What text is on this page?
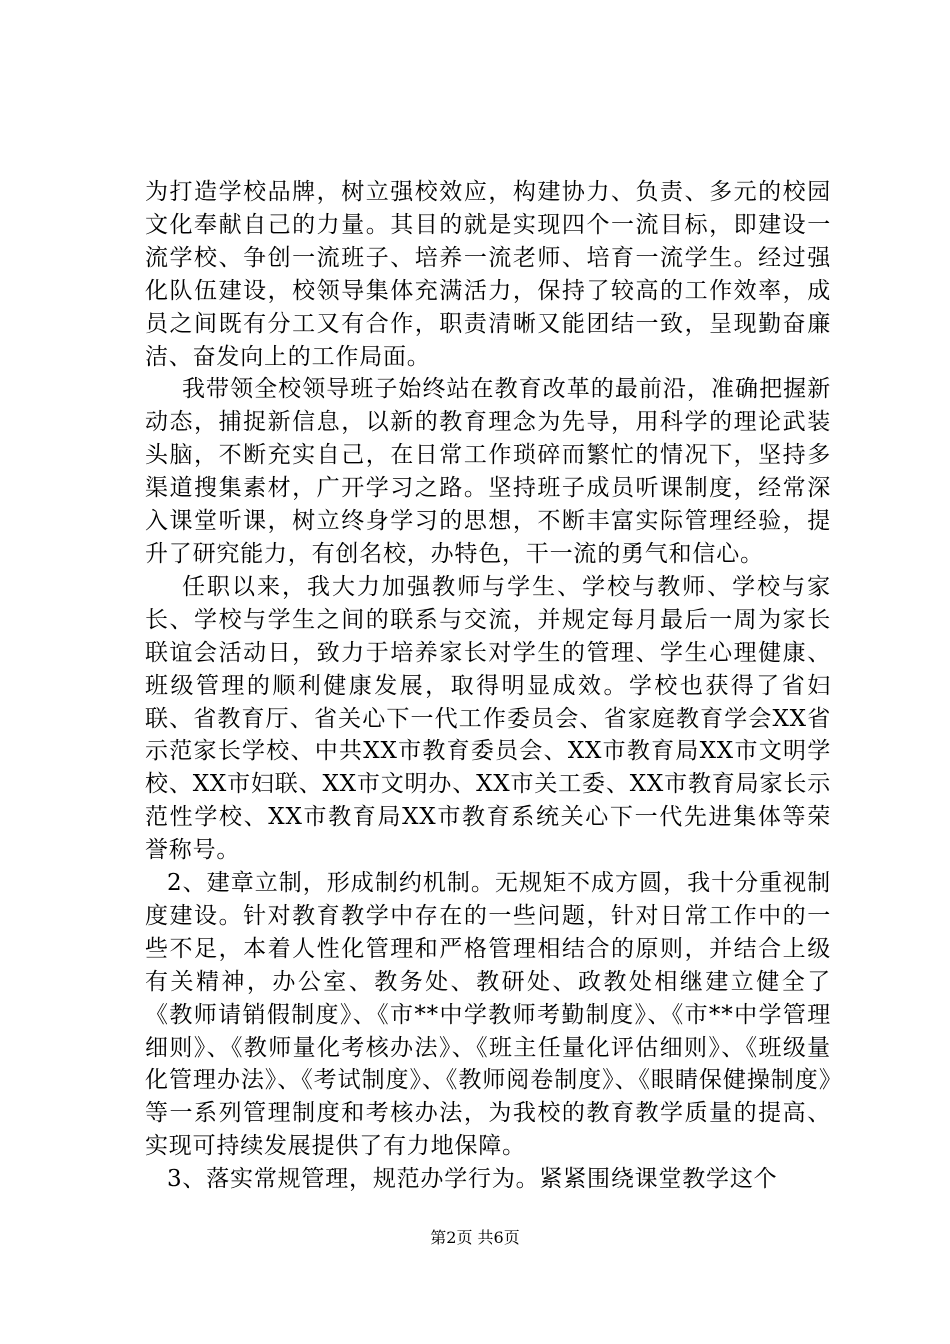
为打造学校品牌，树立强校效应，构建协力、负责、多元的校园文化奉献自己的力量。其目的就是实现四个一流目标，即建设一流学校、争创一流班子、培养一流老师、培育一流学生。经过强化队伍建设，校领导集体充满活力，保持了较高的工作效率，成员之间既有分工又有合作，职责清晰又能团结一致，呈现勤奋廉洁、奋发向上的工作局面。

我带领全校领导班子始终站在教育改革的最前沿，准确把握新动态，捕捉新信息，以新的教育理念为先导，用科学的理论武装头脑，不断充实自己，在日常工作琐碎而繁忙的情况下，坚持多渠道搜集素材，广开学习之路。坚持班子成员听课制度，经常深入课堂听课，树立终身学习的思想，不断丰富实际管理经验，提升了研究能力，有创名校，办特色，干一流的勇气和信心。

任职以来，我大力加强教师与学生、学校与教师、学校与家长、学校与学生之间的联系与交流，并规定每月最后一周为家长联谊会活动日，致力于培养家长对学生的管理、学生心理健康、班级管理的顺利健康发展，取得明显成效。学校也获得了省妇联、省教育厅、省关心下一代工作委员会、省家庭教育学会XX省示范家长学校、中共XX市教育委员会、XX市教育局XX市文明学校、XX市妇联、XX市文明办、XX市关工委、XX市教育局家长示范性学校、XX市教育局XX市教育系统关心下一代先进集体等荣誉称号。

2、建章立制，形成制约机制。无规矩不成方圆，我十分重视制度建设。针对教育教学中存在的一些问题，针对日常工作中的一些不足，本着人性化管理和严格管理相结合的原则，并结合上级有关精神，办公室、教务处、教研处、政教处相继建立健全了《教师请销假制度》、《市**中学教师考勤制度》、《市**中学管理细则》、《教师量化考核办法》、《班主任量化评估细则》、《班级量化管理办法》、《考试制度》、《教师阅卷制度》、《眼睛保健操制度》等一系列管理制度和考核办法，为我校的教育教学质量的提高、实现可持续发展提供了有力地保障。

3、落实常规管理，规范办学行为。紧紧围绕课堂教学这个

第2页 共6页
